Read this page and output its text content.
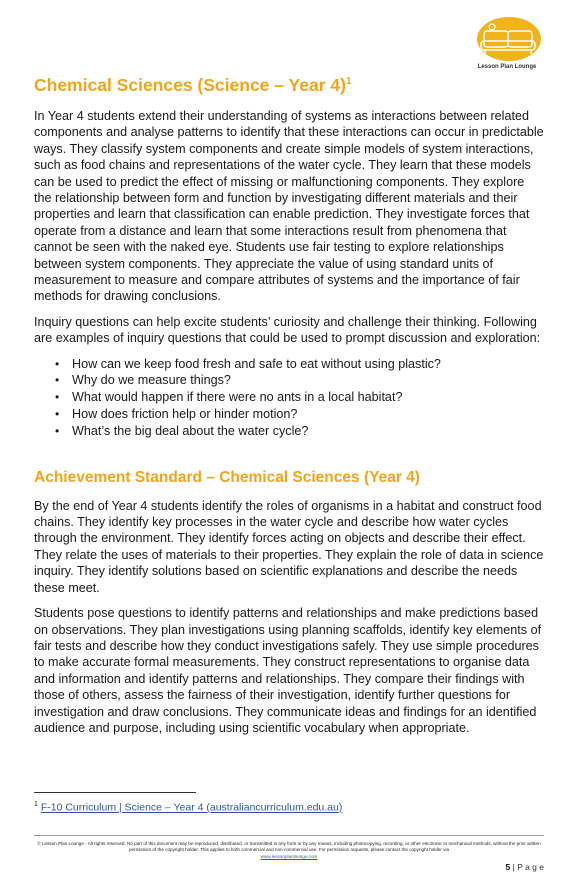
Lesson Plan Lounge
Chemical Sciences (Science – Year 4)$^1$

In Year 4 students extend their understanding of systems as interactions between related components and analyse patterns to identify that these interactions can occur in predictable ways. They classify system components and create simple models of system interactions, such as food chains and representations of the water cycle. They learn that these models can be used to predict the effect of missing or malfunctioning components. They explore the relationship between form and function by investigating different materials and their properties and learn that classification can enable prediction. They investigate forces that operate from a distance and learn that some interactions result from phenomena that cannot be seen with the naked eye. Students use fair testing to explore relationships between system components. They appreciate the value of using standard units of measurement to measure and compare attributes of systems and the importance of fair methods for drawing conclusions.

Inquiry questions can help excite students’ curiosity and challenge their thinking. Following are examples of inquiry questions that could be used to prompt discussion and exploration:

• How can we keep food fresh and safe to eat without using plastic?
• Why do we measure things?
• What would happen if there were no ants in a local habitat?
• How does friction help or hinder motion?
• What’s the big deal about the water cycle?
Achievement Standard – Chemical Sciences (Year 4)

By the end of Year 4 students identify the roles of organisms in a habitat and construct food chains. They identify key processes in the water cycle and describe how water cycles through the environment. They identify forces acting on objects and describe their effect. They relate the uses of materials to their properties. They explain the role of data in science inquiry. They identify solutions based on scientific explanations and describe the needs these meet.

Students pose questions to identify patterns and relationships and make predictions based on observations. They plan investigations using planning scaffolds, identify key elements of fair tests and describe how they conduct investigations safely. They use simple procedures to make accurate formal measurements. They construct representations to organise data and information and identify patterns and relationships. They compare their findings with those of others, assess the fairness of their investigation, identify further questions for investigation and draw conclusions. They communicate ideas and findings for an identified audience and purpose, including using scientific vocabulary when appropriate.

$^1$ F-10 Curriculum | Science – Year 4 (australiancurriculum.edu.au)
© Lesson Plan Lounge - All rights reserved. No part of this document may be reproduced, distributed, or transmitted in any form or by any means, including photocopying, recording, or other electronic or mechanical methods, without the prior written permission of the copyright holder. This applies to both commercial and non-commercial use. For permission requests, please contact the copyright holder via
www.lessonplanlounge.com
5 | P a g e
